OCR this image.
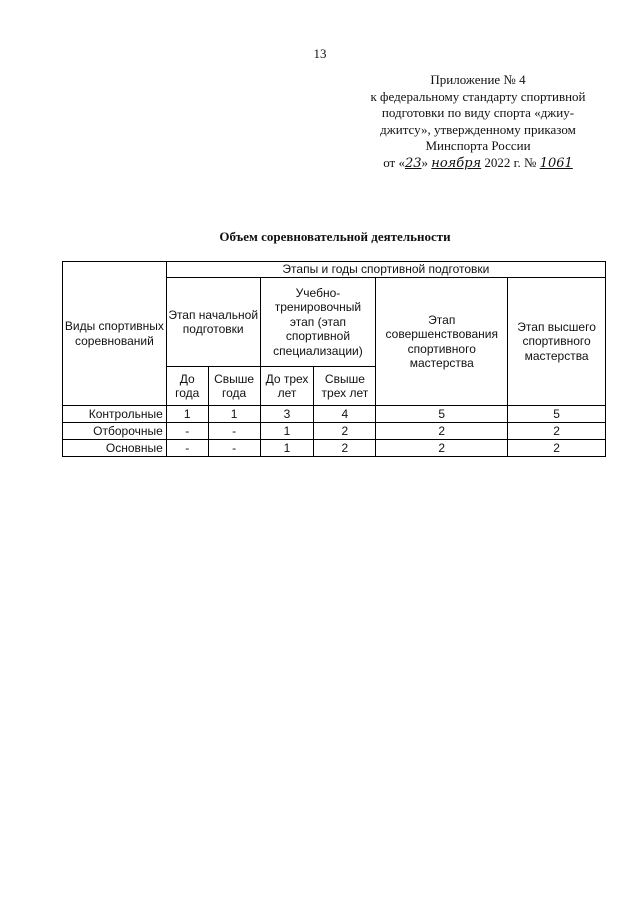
13
Приложение № 4
к федеральному стандарту спортивной
подготовки по виду спорта «джиу-
джитсу», утвержденному приказом
Минспорта России
от «23» ноября 2022 г. № 1061
Объем соревновательной деятельности
Виды спортивных соревнований	Этапы и годы спортивной подготовки					
	Этап начальной подготовки		Учебно-тренировочный этап (этап спортивной специализации)		Этап совершенствования спортивного мастерства	Этап высшего спортивного мастерства
	До года	Свыше года	До трех лет	Свыше трех лет		
Контрольные	1	1	3	4	5	5
Отборочные	-	-	1	2	2	2
Основные	-	-	1	2	2	2
